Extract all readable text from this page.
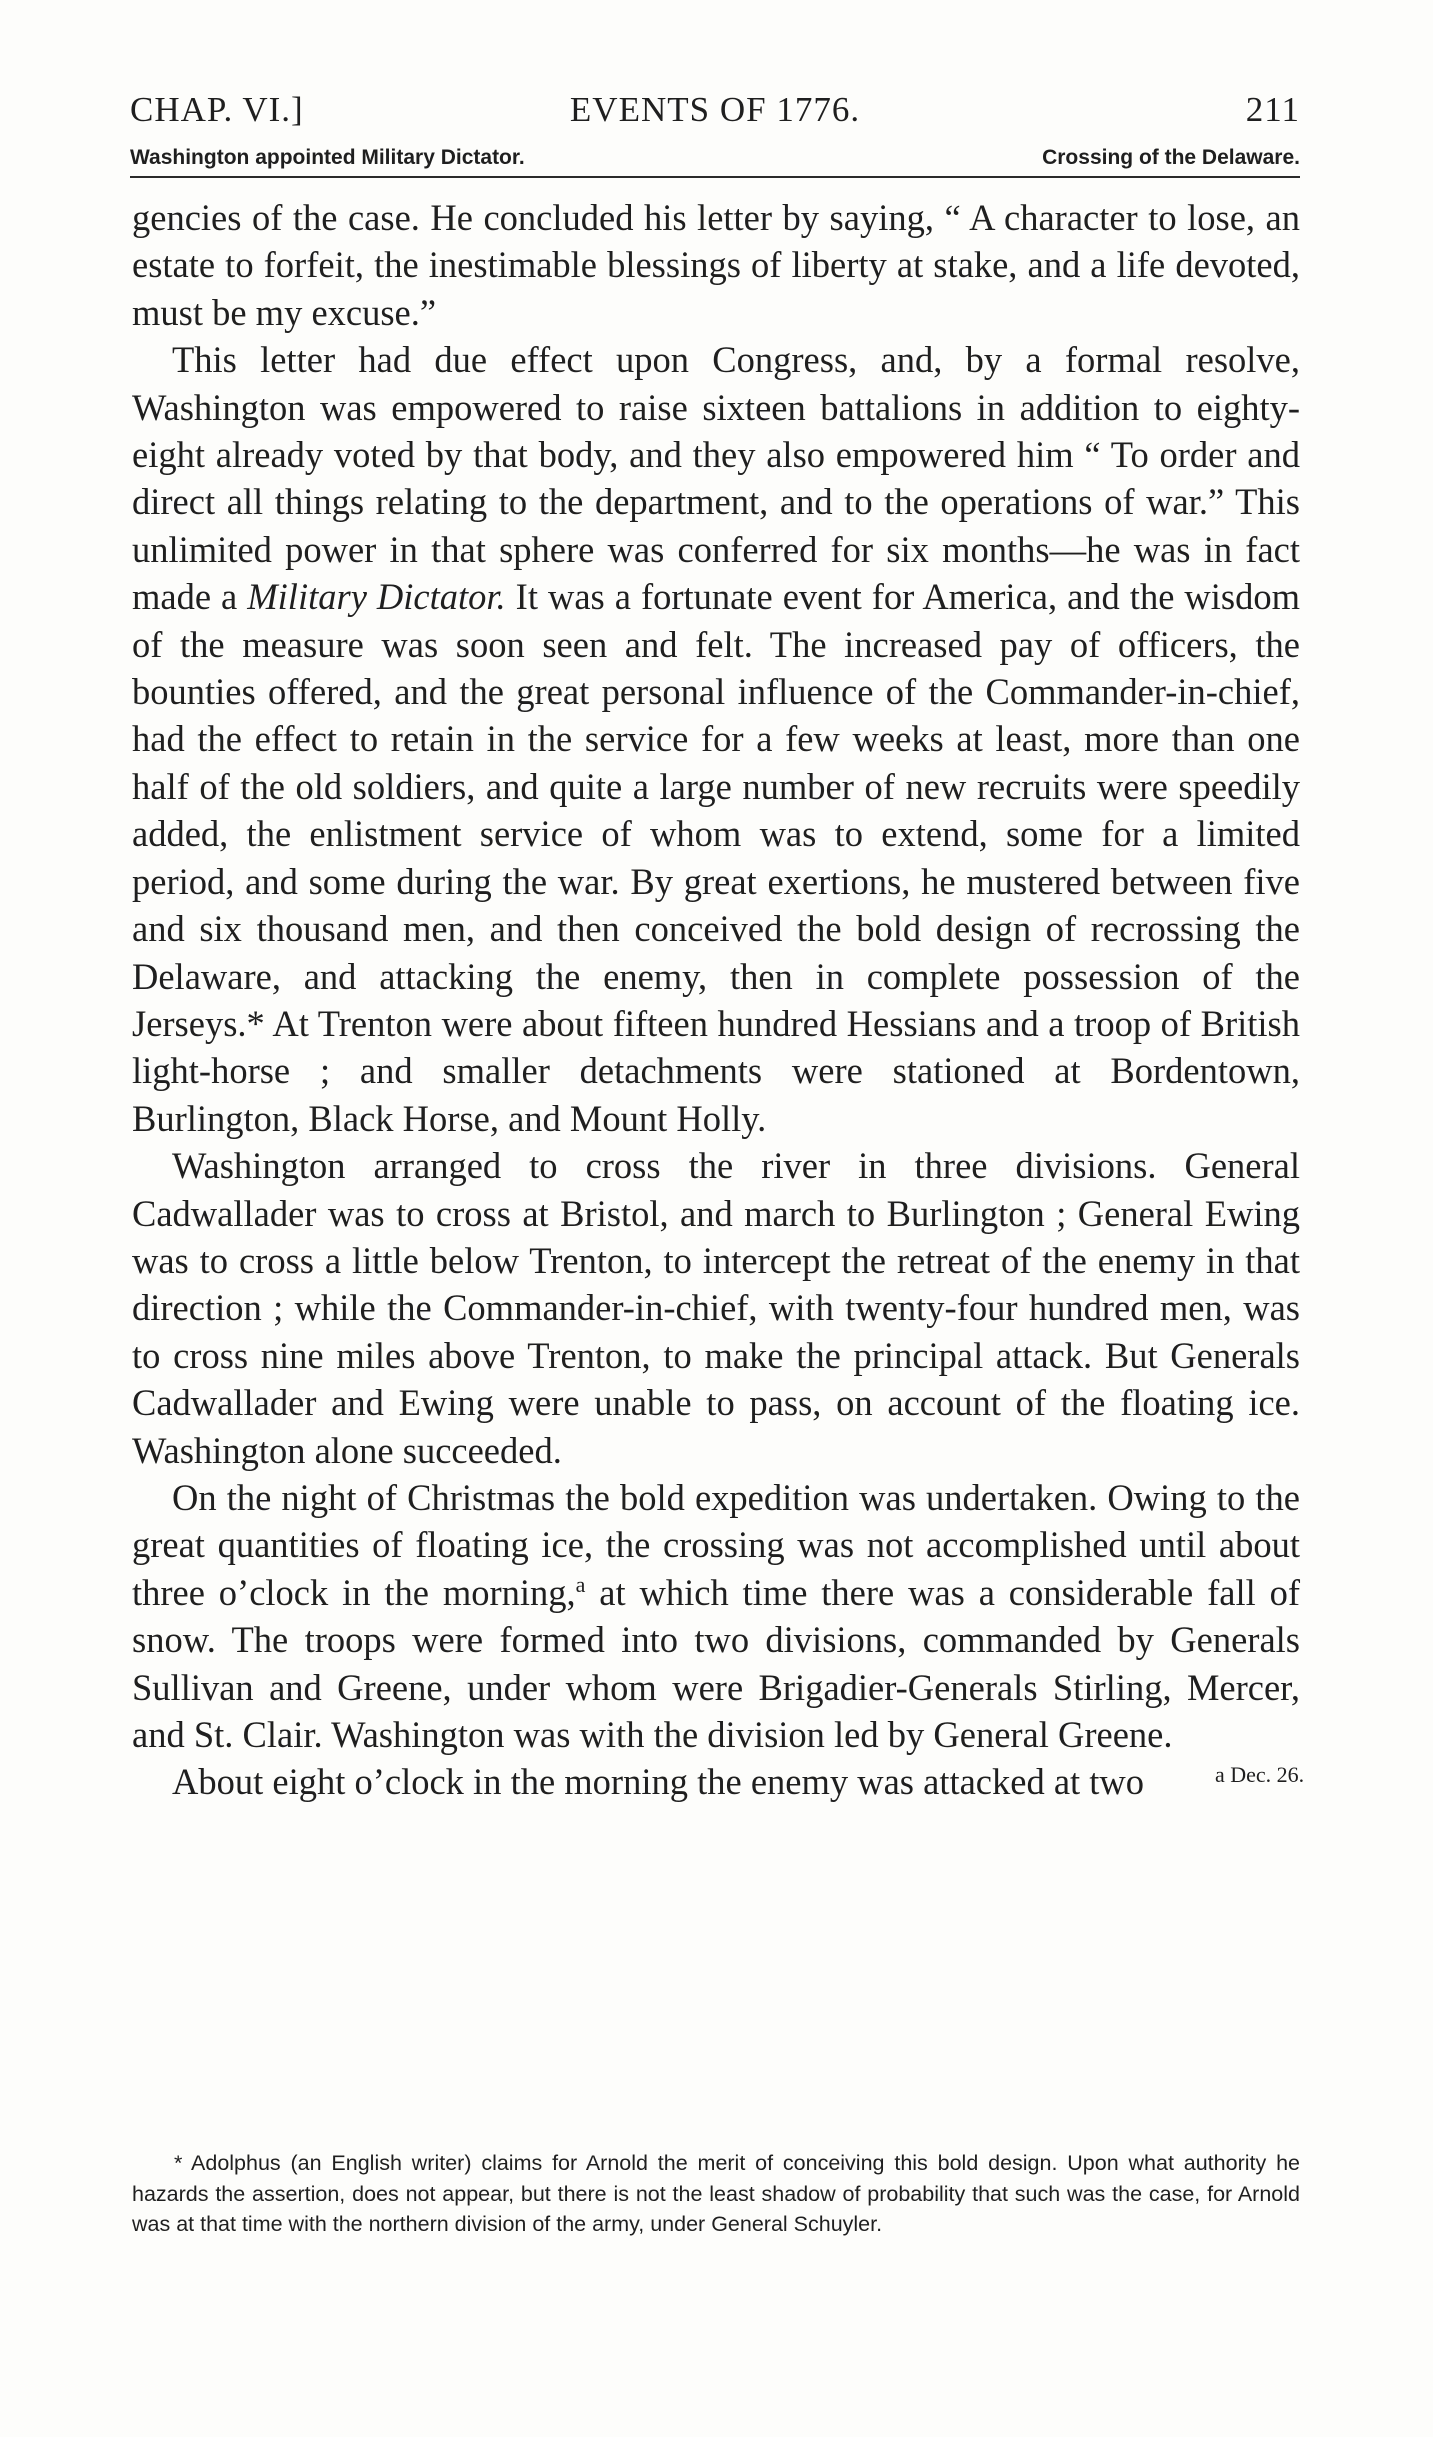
CHAP. VI.]	EVENTS OF 1776.	211
Washington appointed Military Dictator.	Crossing of the Delaware.

gencies of the case. He concluded his letter by saying, “ A character to lose, an estate to forfeit, the inestimable blessings of liberty at stake, and a life devoted, must be my excuse.”

This letter had due effect upon Congress, and, by a formal resolve, Washington was empowered to raise sixteen battalions in addition to eighty-eight already voted by that body, and they also empowered him “ To order and direct all things relating to the department, and to the operations of war.” This unlimited power in that sphere was conferred for six months—he was in fact made a Military Dictator. It was a fortunate event for America, and the wisdom of the measure was soon seen and felt. The increased pay of officers, the bounties offered, and the great personal influence of the Commander-in-chief, had the effect to retain in the service for a few weeks at least, more than one half of the old soldiers, and quite a large number of new recruits were speedily added, the enlistment service of whom was to extend, some for a limited period, and some during the war. By great exertions, he mustered between five and six thousand men, and then conceived the bold design of recrossing the Delaware, and attacking the enemy, then in complete possession of the Jerseys.* At Trenton were about fifteen hundred Hessians and a troop of British light-horse ; and smaller detachments were stationed at Bordentown, Burlington, Black Horse, and Mount Holly.

Washington arranged to cross the river in three divisions. General Cadwallader was to cross at Bristol, and march to Burlington ; General Ewing was to cross a little below Trenton, to intercept the retreat of the enemy in that direction ; while the Commander-in-chief, with twenty-four hundred men, was to cross nine miles above Trenton, to make the principal attack. But Generals Cadwallader and Ewing were unable to pass, on account of the floating ice. Washington alone succeeded.

On the night of Christmas the bold expedition was undertaken. Owing to the great quantities of floating ice, the crossing was not accomplished until about three o’clock in the morning,$^a$ at which time there was a considerable fall of snow. The troops were formed into two divisions, commanded by Generals Sullivan and Greene, under whom were Brigadier-Generals Stirling, Mercer, and St. Clair. Washington was with the division led by General Greene.

About eight o’clock in the morning the enemy was attacked at two	a Dec. 26.

* Adolphus (an English writer) claims for Arnold the merit of conceiving this bold design. Upon what authority he hazards the assertion, does not appear, but there is not the least shadow of probability that such was the case, for Arnold was at that time with the northern division of the army, under General Schuyler.
